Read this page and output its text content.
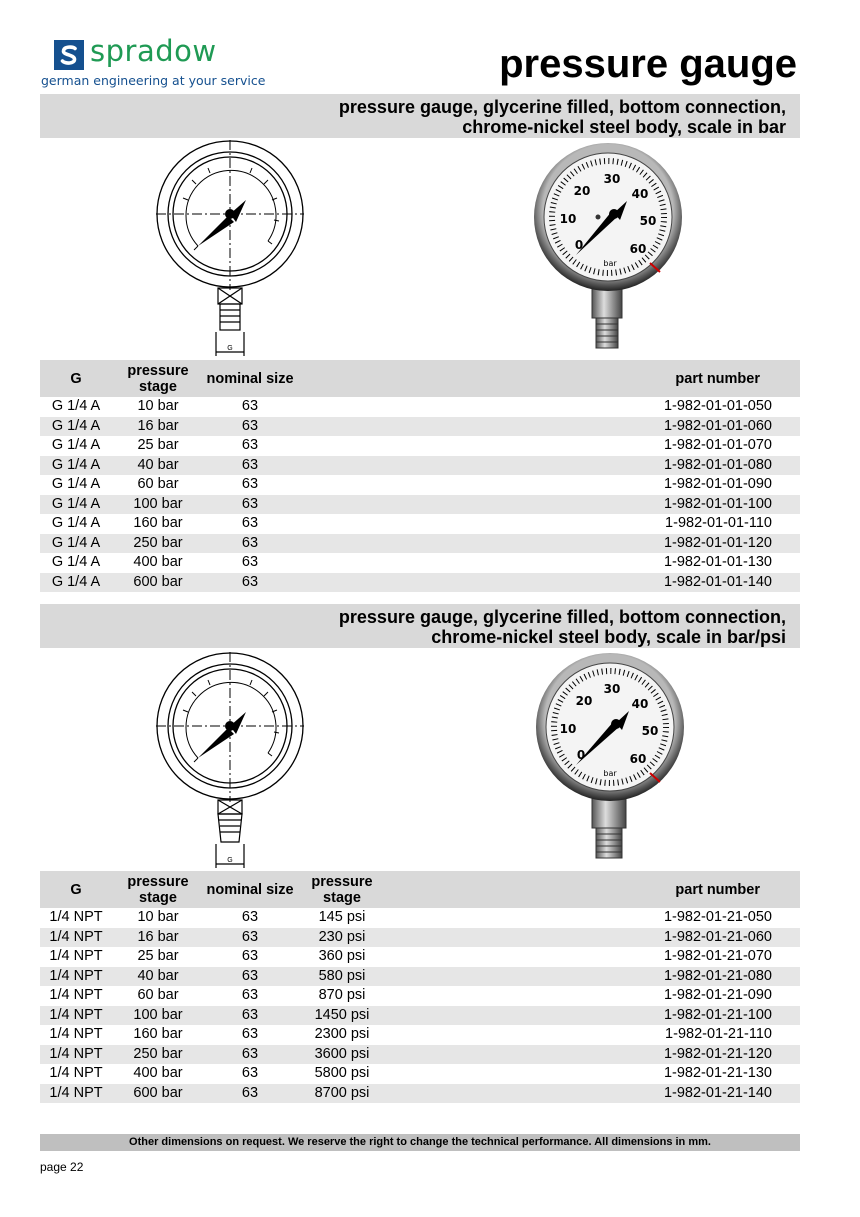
spradow
german engineering at your service	pressure gauge
pressure gauge, glycerine filled, bottom connection,
chrome-nickel steel body, scale in bar
G
0
10
20
30
40
50
60
bar
G	pressure stage	nominal size		part number
G 1/4 A	10 bar	63		1-982-01-01-050
G 1/4 A	16 bar	63		1-982-01-01-060
G 1/4 A	25 bar	63		1-982-01-01-070
G 1/4 A	40 bar	63		1-982-01-01-080
G 1/4 A	60 bar	63		1-982-01-01-090
G 1/4 A	100 bar	63		1-982-01-01-100
G 1/4 A	160 bar	63		1-982-01-01-110
G 1/4 A	250 bar	63		1-982-01-01-120
G 1/4 A	400 bar	63		1-982-01-01-130
G 1/4 A	600 bar	63		1-982-01-01-140
pressure gauge, glycerine filled, bottom connection,
chrome-nickel steel body, scale in bar/psi
G
0
10
20
30
40
50
60
bar
G	pressure stage	nominal size	pressure stage		part number
1/4 NPT	10 bar	63	145 psi		1-982-01-21-050
1/4 NPT	16 bar	63	230 psi		1-982-01-21-060
1/4 NPT	25 bar	63	360 psi		1-982-01-21-070
1/4 NPT	40 bar	63	580 psi		1-982-01-21-080
1/4 NPT	60 bar	63	870 psi		1-982-01-21-090
1/4 NPT	100 bar	63	1450 psi		1-982-01-21-100
1/4 NPT	160 bar	63	2300 psi		1-982-01-21-110
1/4 NPT	250 bar	63	3600 psi		1-982-01-21-120
1/4 NPT	400 bar	63	5800 psi		1-982-01-21-130
1/4 NPT	600 bar	63	8700 psi		1-982-01-21-140
Other dimensions on request. We reserve the right to change the technical performance. All dimensions in mm.
page 22
